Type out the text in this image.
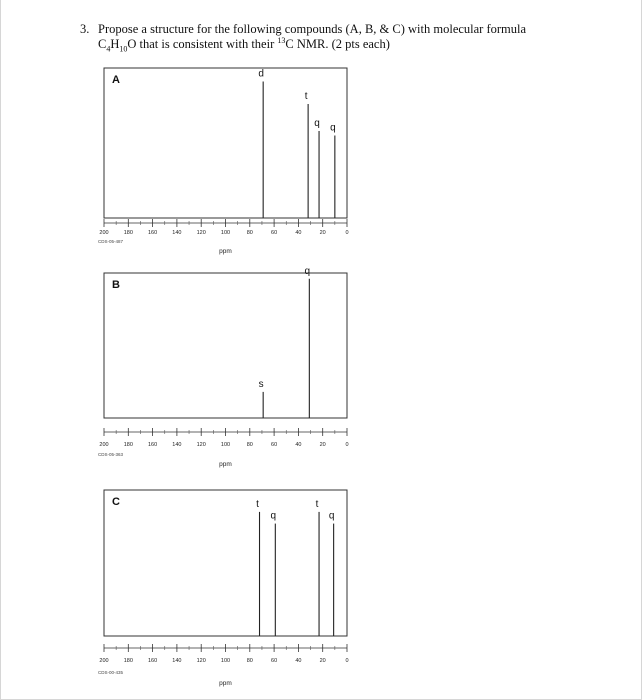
3. Propose a structure for the following compounds (A, B, & C) with molecular formula
$C_4H_{10}O$ that is consistent with their $^{13}$C NMR. (2 pts each)
A	d
t
q q
200	180	160	140	120	100	80	60	40	20	0
CDS-05-487
ppm
B
s
q
200	180	160	140	120	100	80	60	40	20	0
CDS-05-363
ppm
C	t
q
t
q
200	180	160	140	120	100	80	60	40	20	0
CDS-00-435
ppm
